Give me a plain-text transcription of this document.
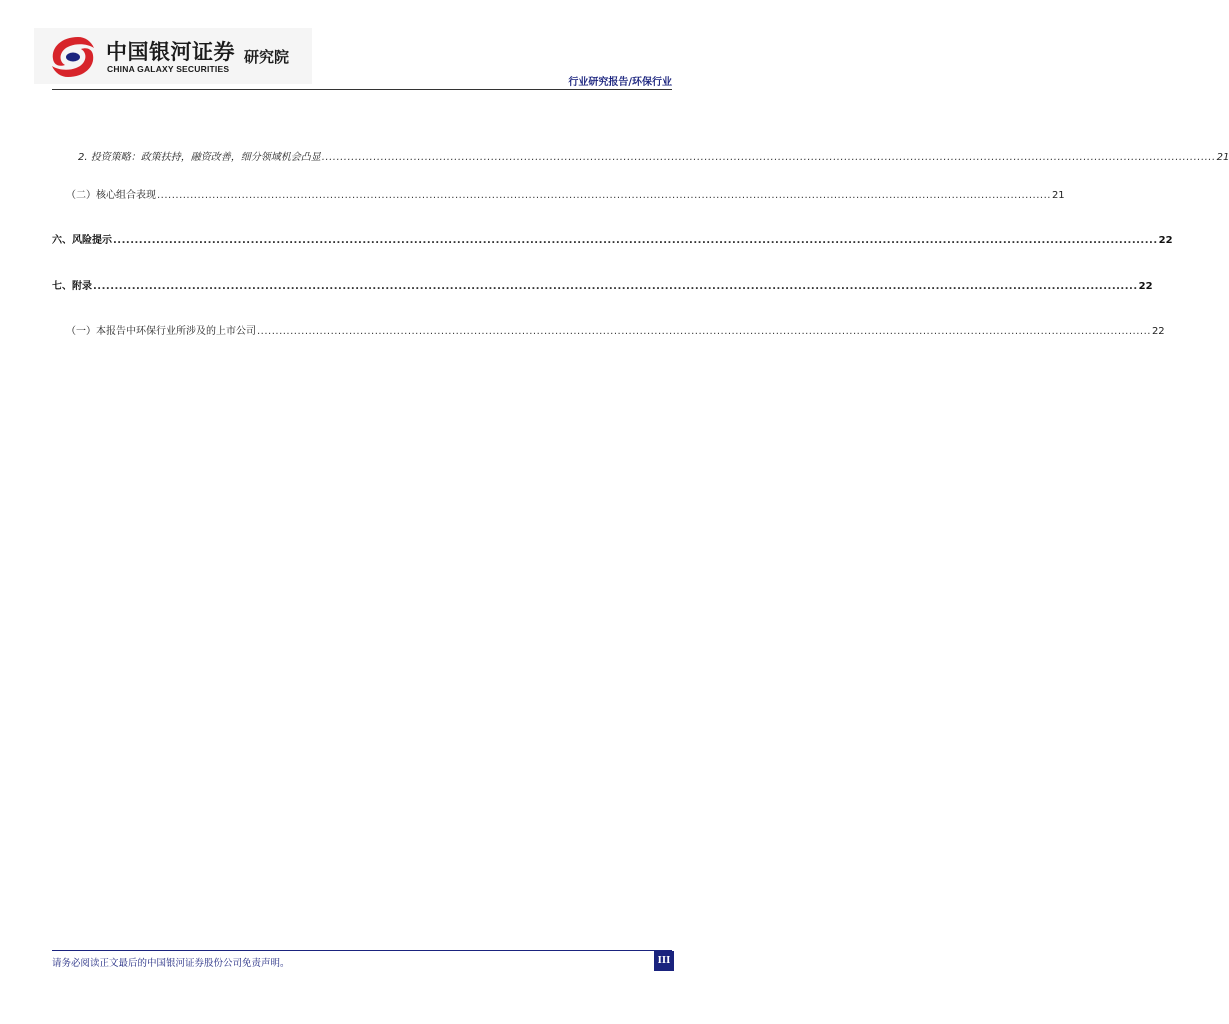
中国银河证券
CHINA GALAXY SECURITIES
研究院
行业研究报告/环保行业
2. 投资策略：政策扶持，融资改善，细分领域机会凸显 ................................................................................................................................................................................................................................................... 21
（二）核心组合表现 ................................................................................................................................................................................................................................................... 21
六、风险提示 ................................................................................................................................................................................................................................................... 22
七、附录 ................................................................................................................................................................................................................................................... 22
（一）本报告中环保行业所涉及的上市公司 ................................................................................................................................................................................................................................................... 22
请务必阅读正文最后的中国银河证券股份公司免责声明。	III
